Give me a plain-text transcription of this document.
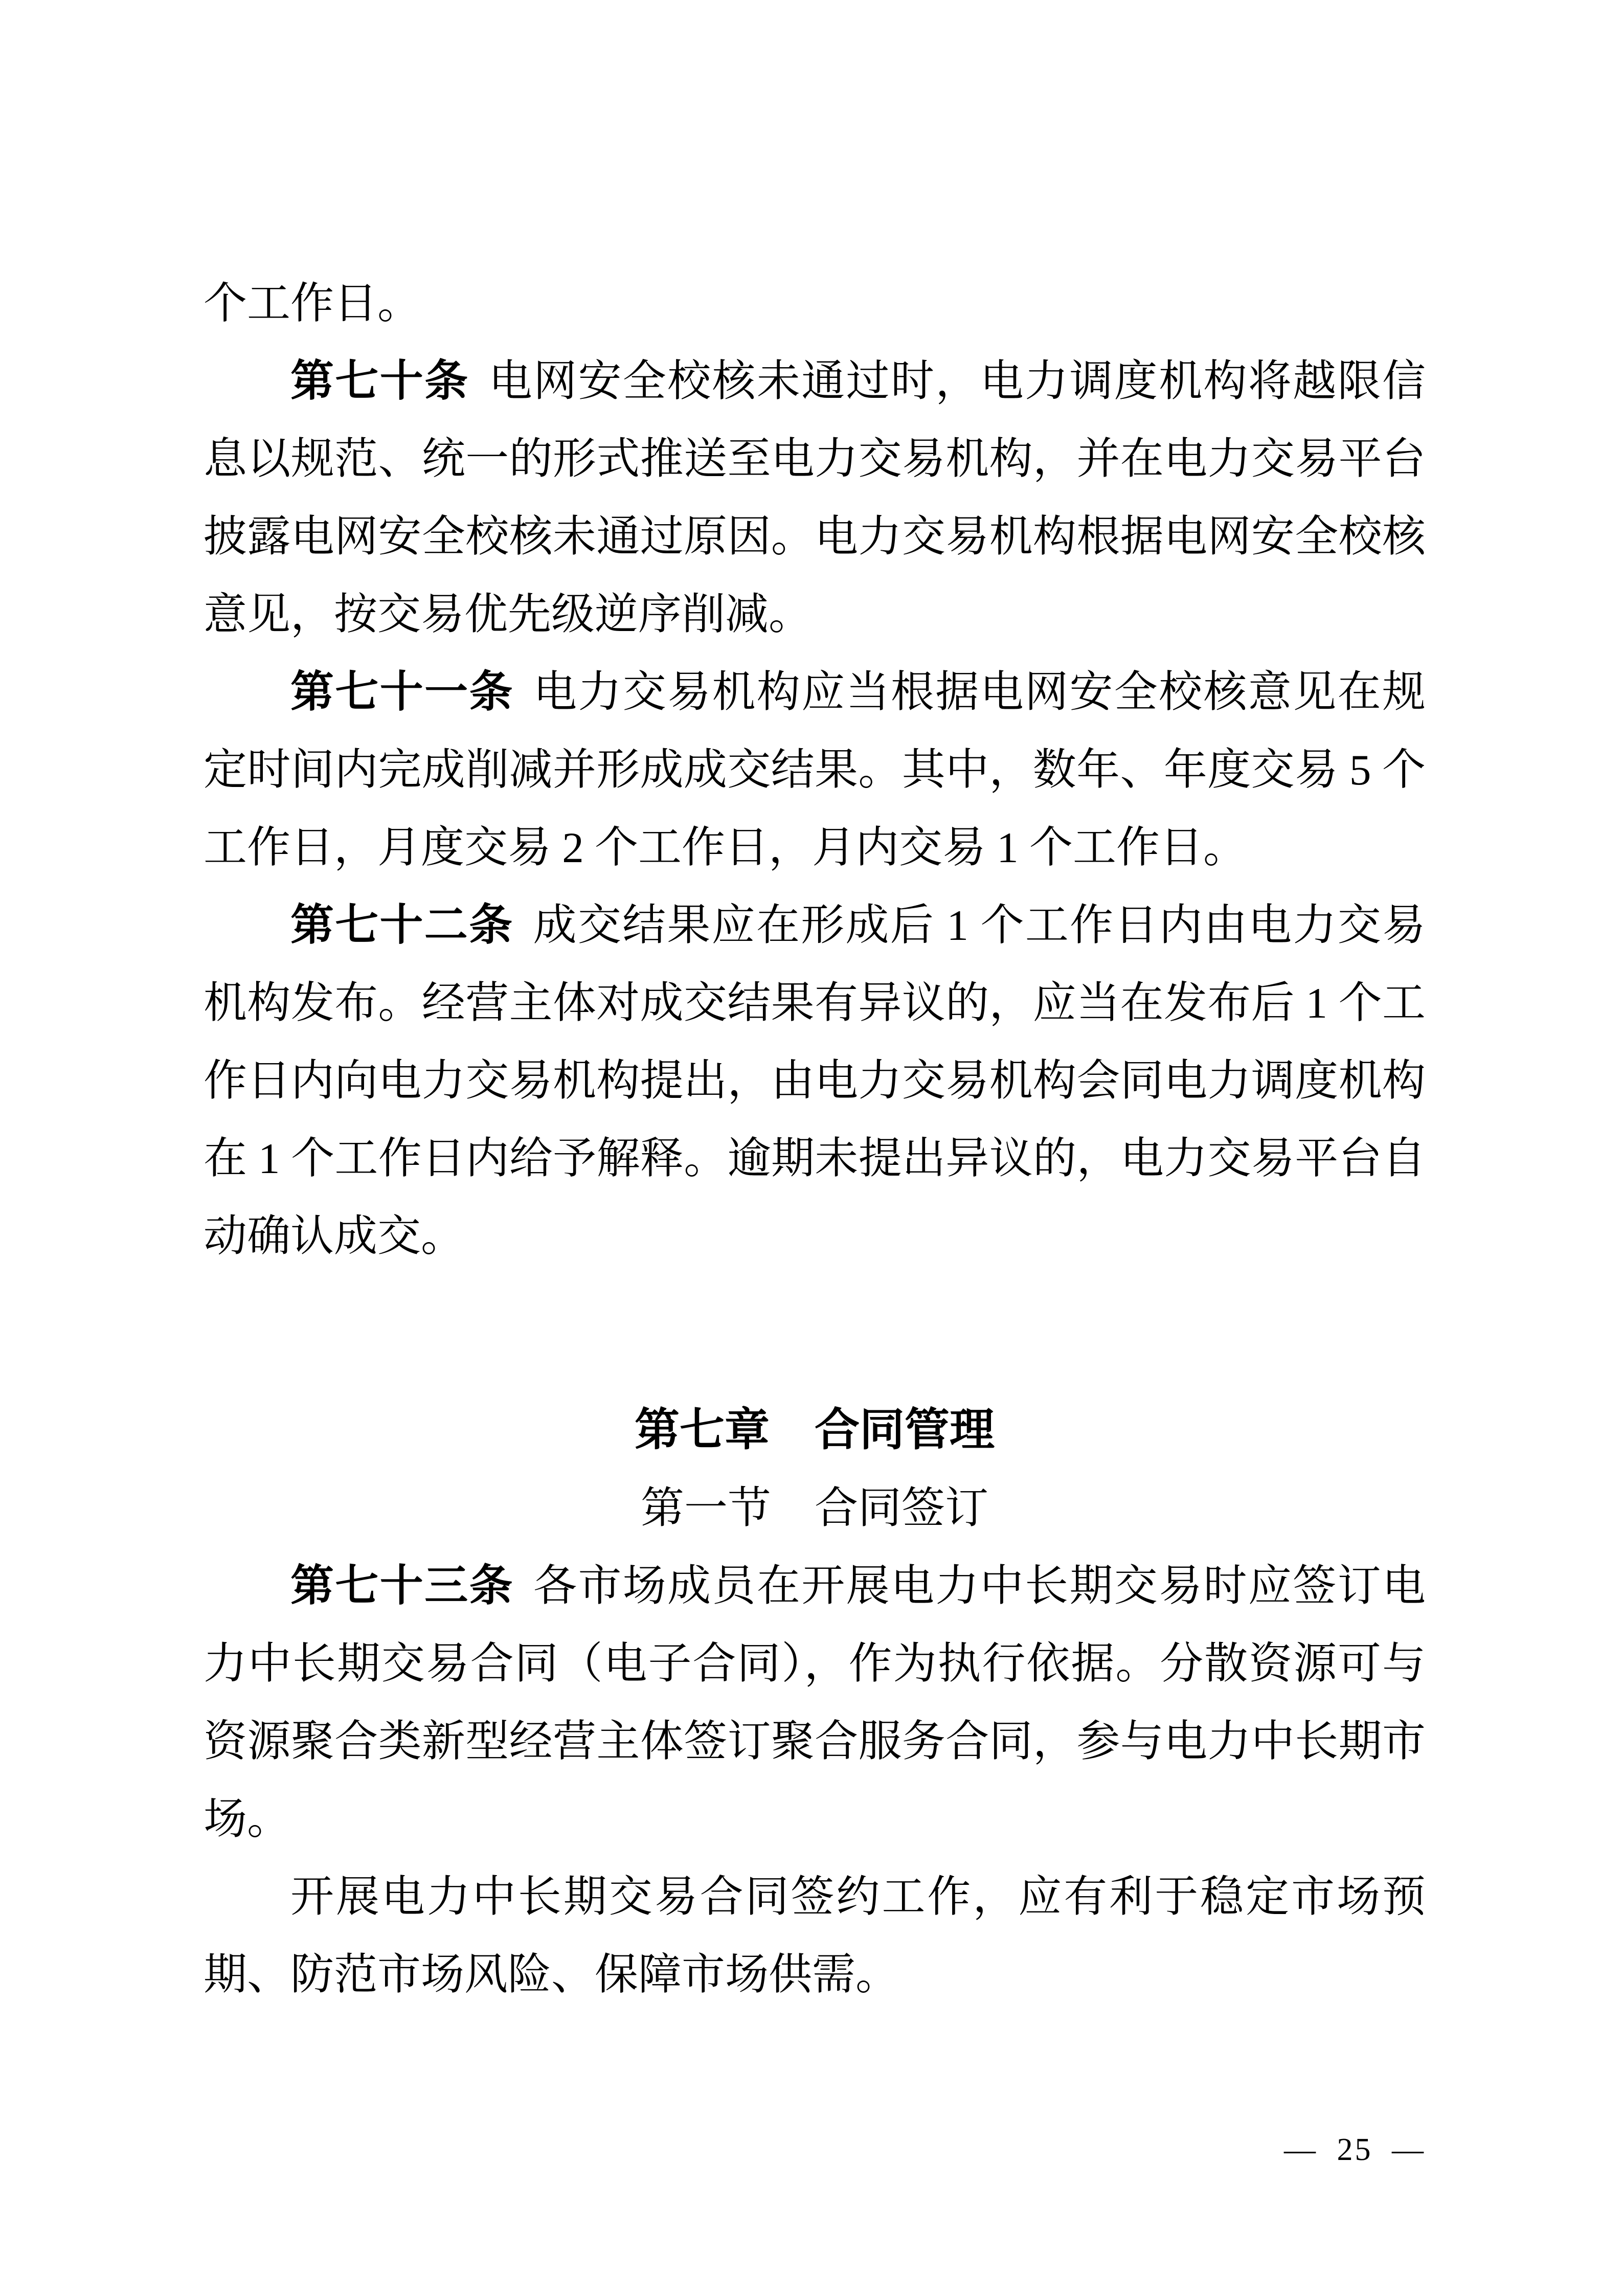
个工作日。

第七十条 电网安全校核未通过时，电力调度机构将越限信息以规范、统一的形式推送至电力交易机构，并在电力交易平台披露电网安全校核未通过原因。电力交易机构根据电网安全校核意见，按交易优先级逆序削减。

第七十一条 电力交易机构应当根据电网安全校核意见在规定时间内完成削减并形成成交结果。其中，数年、年度交易 5 个工作日，月度交易 2 个工作日，月内交易 1 个工作日。

第七十二条 成交结果应在形成后 1 个工作日内由电力交易机构发布。经营主体对成交结果有异议的，应当在发布后 1 个工作日内向电力交易机构提出，由电力交易机构会同电力调度机构在 1 个工作日内给予解释。逾期未提出异议的，电力交易平台自动确认成交。

第七章　合同管理
第一节　合同签订

第七十三条 各市场成员在开展电力中长期交易时应签订电力中长期交易合同（电子合同），作为执行依据。分散资源可与资源聚合类新型经营主体签订聚合服务合同，参与电力中长期市场。

开展电力中长期交易合同签约工作，应有利于稳定市场预期、防范市场风险、保障市场供需。

— 25 —
